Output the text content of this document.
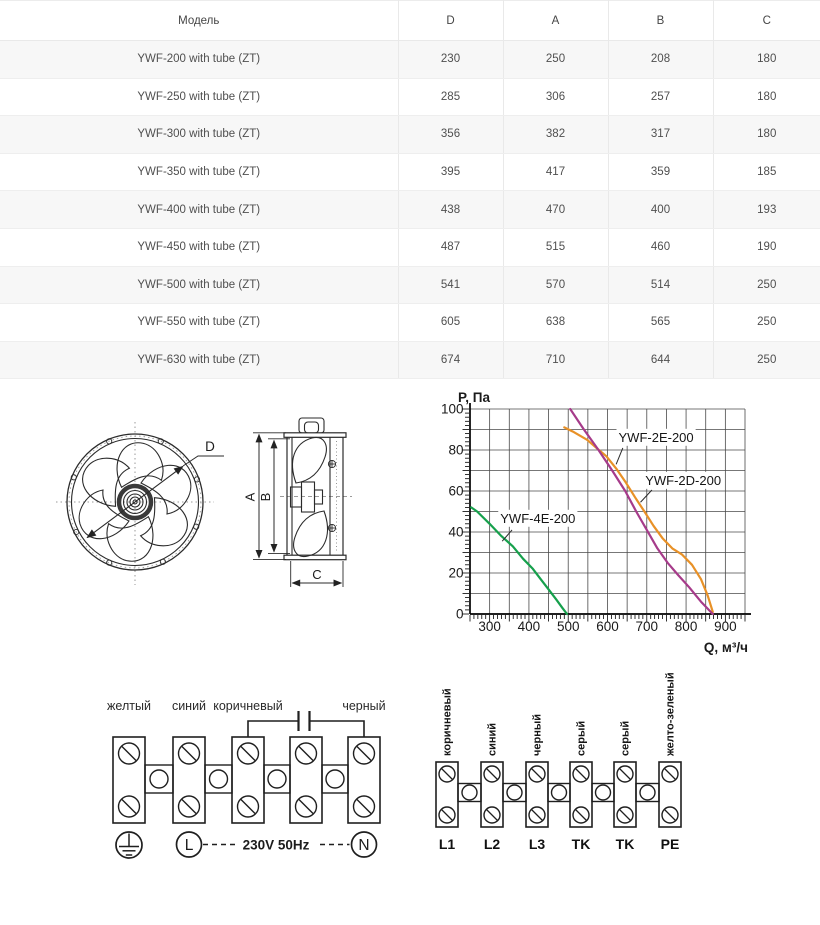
Модель	D	A	B	C
YWF-200 with tube (ZT)	230	250	208	180
YWF-250 with tube (ZT)	285	306	257	180
YWF-300 with tube (ZT)	356	382	317	180
YWF-350 with tube (ZT)	395	417	359	185
YWF-400 with tube (ZT)	438	470	400	193
YWF-450 with tube (ZT)	487	515	460	190
YWF-500 with tube (ZT)	541	570	514	250
YWF-550 with tube (ZT)	605	638	565	250
YWF-630 with tube (ZT)	674	710	644	250
D
A B
C
300 400 500 600 700 800 900
0
20
40
60
80
100
P, Па
Q, м³/ч
YWF-4E-200
YWF-2E-200
YWF-2D-200
желтый синий коричневый	черный
L	N
230V 50Hz
коричневый	синий	черный	серый	серый	желто-зеленый
L1 L2 L3 TK TK PE
